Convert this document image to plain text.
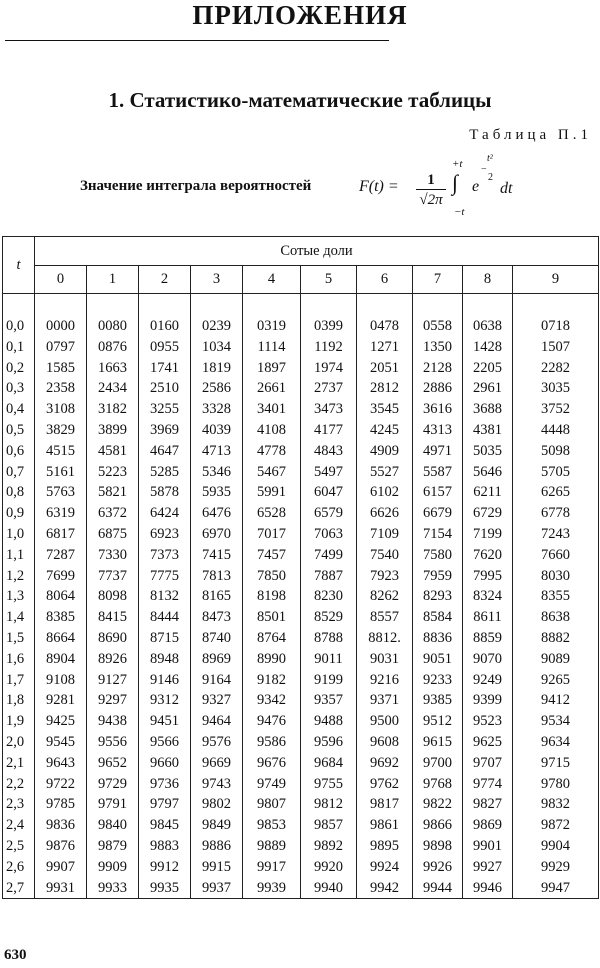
ПРИЛОЖЕНИЯ
1. Статистико-математические таблицы
Таблица П.1
Значение интеграла вероятностей	$F(t) = \frac{1}{√2\pi}$
+t
∫
−t
e
−
t²
2
dt
t	Сотые доли									
	0	1	2	3	4	5	6	7	8	9

0,0	0000	0080	0160	0239	0319	0399	0478	0558	0638	0718
0,1	0797	0876	0955	1034	1114	1192	1271	1350	1428	1507
0,2	1585	1663	1741	1819	1897	1974	2051	2128	2205	2282
0,3	2358	2434	2510	2586	2661	2737	2812	2886	2961	3035
0,4	3108	3182	3255	3328	3401	3473	3545	3616	3688	3752
0,5	3829	3899	3969	4039	4108	4177	4245	4313	4381	4448
0,6	4515	4581	4647	4713	4778	4843	4909	4971	5035	5098
0,7	5161	5223	5285	5346	5467	5497	5527	5587	5646	5705
0,8	5763	5821	5878	5935	5991	6047	6102	6157	6211	6265
0,9	6319	6372	6424	6476	6528	6579	6626	6679	6729	6778
1,0	6817	6875	6923	6970	7017	7063	7109	7154	7199	7243
1,1	7287	7330	7373	7415	7457	7499	7540	7580	7620	7660
1,2	7699	7737	7775	7813	7850	7887	7923	7959	7995	8030
1,3	8064	8098	8132	8165	8198	8230	8262	8293	8324	8355
1,4	8385	8415	8444	8473	8501	8529	8557	8584	8611	8638
1,5	8664	8690	8715	8740	8764	8788	8812.	8836	8859	8882
1,6	8904	8926	8948	8969	8990	9011	9031	9051	9070	9089
1,7	9108	9127	9146	9164	9182	9199	9216	9233	9249	9265
1,8	9281	9297	9312	9327	9342	9357	9371	9385	9399	9412
1,9	9425	9438	9451	9464	9476	9488	9500	9512	9523	9534
2,0	9545	9556	9566	9576	9586	9596	9608	9615	9625	9634
2,1	9643	9652	9660	9669	9676	9684	9692	9700	9707	9715
2,2	9722	9729	9736	9743	9749	9755	9762	9768	9774	9780
2,3	9785	9791	9797	9802	9807	9812	9817	9822	9827	9832
2,4	9836	9840	9845	9849	9853	9857	9861	9866	9869	9872
2,5	9876	9879	9883	9886	9889	9892	9895	9898	9901	9904
2,6	9907	9909	9912	9915	9917	9920	9924	9926	9927	9929
2,7	9931	9933	9935	9937	9939	9940	9942	9944	9946	9947
630
